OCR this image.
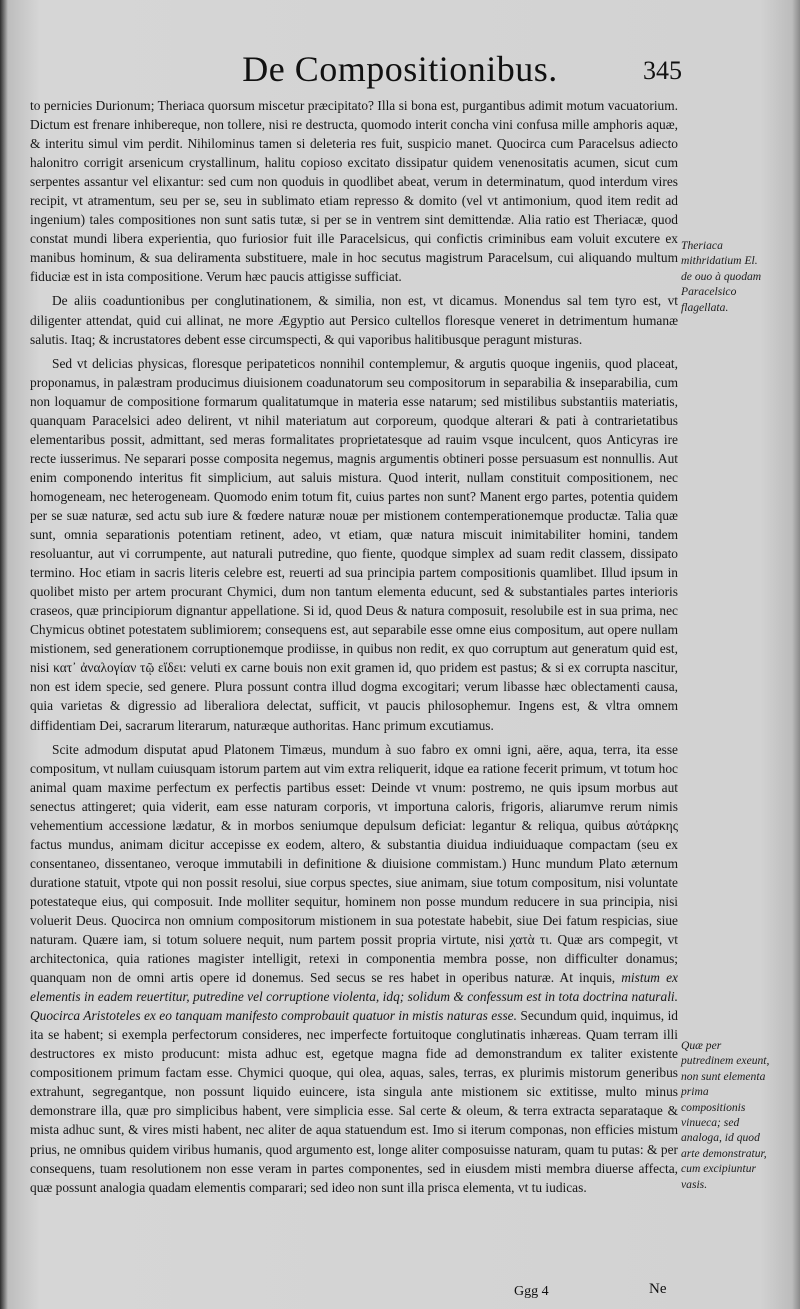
De Compositionibus.	345

to pernicies Durionum; Theriaca quorsum miscetur præcipitato? Illa si bona est, purgantibus adimit motum vacuatorium. Dictum est frenare inhibereque, non tollere, nisi re destructa, quomodo interit concha vini confusa mille amphoris aquæ, & interitu simul vim perdit. Nihilominus tamen si deleteria res fuit, suspicio manet. Quocirca cum Paracelsus adiecto halonitro corrigit arsenicum crystallinum, halitu copioso excitato dissipatur quidem venenositatis acumen, sicut cum serpentes assantur vel elixantur: sed cum non quoduis in quodlibet abeat, verum in determinatum, quod interdum vires recipit, vt atramentum, seu per se, seu in sublimato etiam represso & domito (vel vt antimonium, quod item redit ad ingenium) tales compositiones non sunt satis tutæ, si per se in ventrem sint demittendæ. Alia ratio est Theriacæ, quod constat mundi libera experientia, quo furiosior fuit ille Paracelsicus, qui confictis criminibus eam voluit excutere ex manibus hominum, & sua deliramenta substituere, male in hoc secutus magistrum Paracelsum, cui aliquando multum fiduciæ est in ista compositione. Verum hæc paucis attigisse sufficiat.

De aliis coaduntionibus per conglutinationem, & similia, non est, vt dicamus. Monendus sal tem tyro est, vt diligenter attendat, quid cui allinat, ne more Ægyptio aut Persico cultellos floresque veneret in detrimentum humanæ salutis. Itaq; & incrustatores debent esse circumspecti, & qui vaporibus halitibusque peragunt misturas.

Sed vt delicias physicas, floresque peripateticos nonnihil contemplemur, & argutis quoque ingeniis, quod placeat, proponamus, in palæstram producimus diuisionem coadunatorum seu compositorum in separabilia & inseparabilia, cum non loquamur de compositione formarum qualitatumque in materia esse natarum; sed mistilibus substantiis materiatis, quanquam Paracelsici adeo delirent, vt nihil materiatum aut corporeum, quodque alterari & pati à contrarietatibus elementaribus possit, admittant, sed meras formalitates proprietatesque ad rauim vsque inculcent, quos Anticyras ire recte iusserimus. Ne separari posse composita negemus, magnis argumentis obtineri posse persuasum est nonnullis. Aut enim componendo interitus fit simplicium, aut saluis mistura. Quod interit, nullam constituit compositionem, nec homogeneam, nec heterogeneam. Quomodo enim totum fit, cuius partes non sunt? Manent ergo partes, potentia quidem per se suæ naturæ, sed actu sub iure & fœdere naturæ nouæ per mistionem contemperationemque productæ. Talia quæ sunt, omnia separationis potentiam retinent, adeo, vt etiam, quæ natura miscuit inimitabiliter homini, tandem resoluantur, aut vi corrumpente, aut naturali putredine, quo fiente, quodque simplex ad suam redit classem, dissipato termino. Hoc etiam in sacris literis celebre est, reuerti ad sua principia partem compositionis quamlibet. Illud ipsum in quolibet misto per artem procurant Chymici, dum non tantum elementa educunt, sed & substantiales partes interioris craseos, quæ principiorum dignantur appellatione. Si id, quod Deus & natura composuit, resolubile est in sua prima, nec Chymicus obtinet potestatem sublimiorem; consequens est, aut separabile esse omne eius compositum, aut opere nullam mistionem, sed generationem corruptionemque prodiisse, in quibus non redit, ex quo corruptum aut generatum quid est, nisi κατ᾽ ἀναλογίαν τῷ εἴδει: veluti ex carne bouis non exit gramen id, quo pridem est pastus; & si ex corrupta nascitur, non est idem specie, sed genere. Plura possunt contra illud dogma excogitari; verum libasse hæc oblectamenti causa, quia varietas & digressio ad liberaliora delectat, sufficit, vt paucis philosophemur. Ingens est, & vltra omnem diffidentiam Dei, sacrarum literarum, naturæque authoritas. Hanc primum excutiamus.

Scite admodum disputat apud Platonem Timæus, mundum à suo fabro ex omni igni, aëre, aqua, terra, ita esse compositum, vt nullam cuiusquam istorum partem aut vim extra reliquerit, idque ea ratione fecerit primum, vt totum hoc animal quam maxime perfectum ex perfectis partibus esset: Deinde vt vnum: postremo, ne quis ipsum morbus aut senectus attingeret; quia viderit, eam esse naturam corporis, vt importuna caloris, frigoris, aliarumve rerum nimis vehementium accessione lædatur, & in morbos seniumque depulsum deficiat: legantur & reliqua, quibus αὐτάρκης factus mundus, animam dicitur accepisse ex eodem, altero, & substantia diuidua indiuiduaque compactam (seu ex consentaneo, dissentaneo, veroque immutabili in definitione & diuisione commistam.) Hunc mundum Plato æternum duratione statuit, vtpote qui non possit resolui, siue corpus spectes, siue animam, siue totum compositum, nisi voluntate potestateque eius, qui composuit. Inde molliter sequitur, hominem non posse mundum reducere in sua principia, nisi voluerit Deus. Quocirca non omnium compositorum mistionem in sua potestate habebit, siue Dei fatum respicias, siue naturam. Quære iam, si totum soluere nequit, num partem possit propria virtute, nisi χατὰ τι. Quæ ars compegit, vt architectonica, quia rationes magister intelligit, retexi in componentia membra posse, non difficulter donamus; quanquam non de omni artis opere id donemus. Sed secus se res habet in operibus naturæ. At inquis, mistum ex elementis in eadem reuertitur, putredine vel corruptione violenta, idq; solidum & confessum est in tota doctrina naturali. Quocirca Aristoteles ex eo tanquam manifesto comprobauit quatuor in mistis naturas esse. Secundum quid, inquimus, id ita se habent; si exempla perfectorum consideres, nec imperfecte fortuitoque conglutinatis inhæreas. Quam terram illi destructores ex misto producunt: mista adhuc est, egetque magna fide ad demonstrandum ex taliter existente compositionem primum factam esse. Chymici quoque, qui olea, aquas, sales, terras, ex plurimis mistorum generibus extrahunt, segregantque, non possunt liquido euincere, ista singula ante mistionem sic extitisse, multo minus demonstrare illa, quæ pro simplicibus habent, vere simplicia esse. Sal certe & oleum, & terra extracta separataque & mista adhuc sunt, & vires misti habent, nec aliter de aqua statuendum est. Imo si iterum componas, non efficies mistum prius, ne omnibus quidem viribus humanis, quod argumento est, longe aliter composuisse naturam, quam tu putas: & per consequens, tuam resolutionem non esse veram in partes componentes, sed in eiusdem misti membra diuerse affecta, quæ possunt analogia quadam elementis comparari; sed ideo non sunt illa prisca elementa, vt tu iudicas.

Theriaca mithridatium El. de ouo à quodam Paracelsico flagellata.
Quæ per putredinem exeunt, non sunt elementa prima compositionis vinueca; sed analoga, id quod arte demonstratur, cum excipiuntur vasis.
Ggg 4	Ne
